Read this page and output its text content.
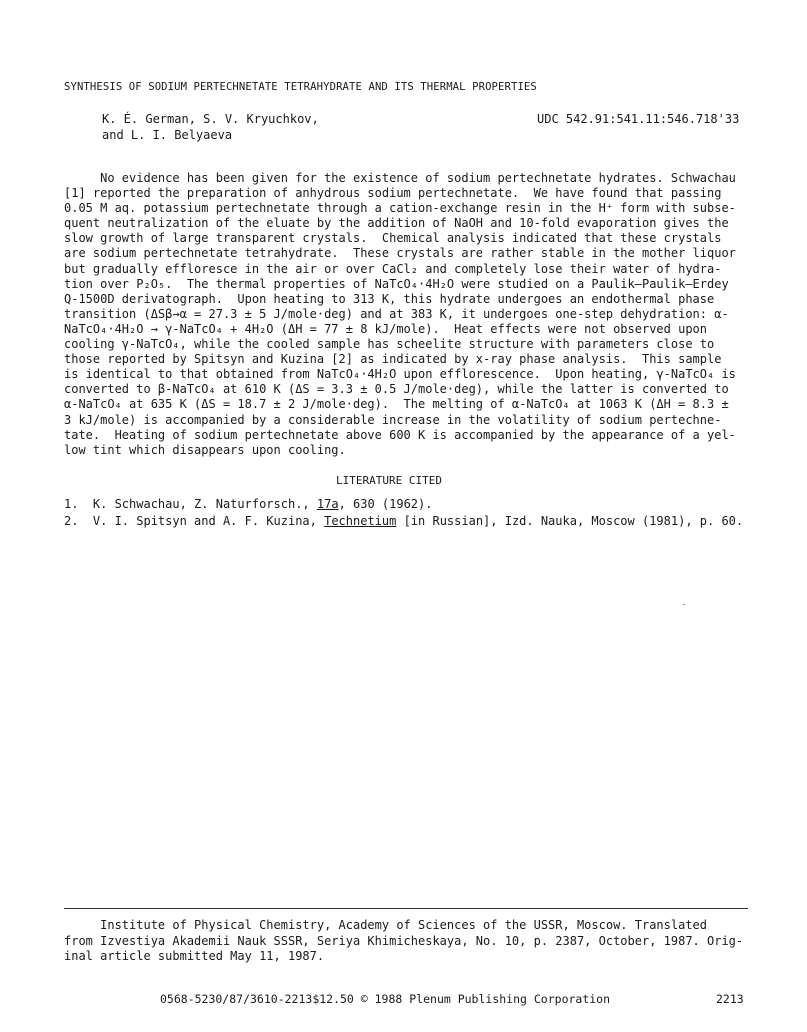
SYNTHESIS OF SODIUM PERTECHNETATE TETRAHYDRATE AND ITS THERMAL PROPERTIES
K. É. German, S. V. Kryuchkov,
and L. I. Belyaeva
UDC 542.91:541.11:546.718'33
No evidence has been given for the existence of sodium pertechnetate hydrates. Schwachau
[1] reported the preparation of anhydrous sodium pertechnetate.  We have found that passing
0.05 M aq. potassium pertechnetate through a cation-exchange resin in the H⁺ form with subse-
quent neutralization of the eluate by the addition of NaOH and 10-fold evaporation gives the
slow growth of large transparent crystals.  Chemical analysis indicated that these crystals
are sodium pertechnetate tetrahydrate.  These crystals are rather stable in the mother liquor
but gradually effloresce in the air or over CaCl₂ and completely lose their water of hydra-
tion over P₂O₅.  The thermal properties of NaTcO₄·4H₂O were studied on a Paulik–Paulik–Erdey
Q-1500D derivatograph.  Upon heating to 313 K, this hydrate undergoes an endothermal phase
transition (ΔSβ→α = 27.3 ± 5 J/mole·deg) and at 383 K, it undergoes one-step dehydration: α-
NaTcO₄·4H₂O → γ-NaTcO₄ + 4H₂O (ΔH = 77 ± 8 kJ/mole).  Heat effects were not observed upon
cooling γ-NaTcO₄, while the cooled sample has scheelite structure with parameters close to
those reported by Spitsyn and Kuzina [2] as indicated by x-ray phase analysis.  This sample
is identical to that obtained from NaTcO₄·4H₂O upon efflorescence.  Upon heating, γ-NaTcO₄ is
converted to β-NaTcO₄ at 610 K (ΔS = 3.3 ± 0.5 J/mole·deg), while the latter is converted to
α-NaTcO₄ at 635 K (ΔS = 18.7 ± 2 J/mole·deg).  The melting of α-NaTcO₄ at 1063 K (ΔH = 8.3 ±
3 kJ/mole) is accompanied by a considerable increase in the volatility of sodium pertechne-
tate.  Heating of sodium pertechnetate above 600 K is accompanied by the appearance of a yel-
low tint which disappears upon cooling.
LITERATURE CITED
1. K. Schwachau, Z. Naturforsch., 17a, 630 (1962).
2. V. I. Spitsyn and A. F. Kuzina, Technetium [in Russian], Izd. Nauka, Moscow (1981), p. 60.
Institute of Physical Chemistry, Academy of Sciences of the USSR, Moscow. Translated
from Izvestiya Akademii Nauk SSSR, Seriya Khimicheskaya, No. 10, p. 2387, October, 1987. Orig-
inal article submitted May 11, 1987.
0568-5230/87/3610-2213$12.50 © 1988 Plenum Publishing Corporation	2213
